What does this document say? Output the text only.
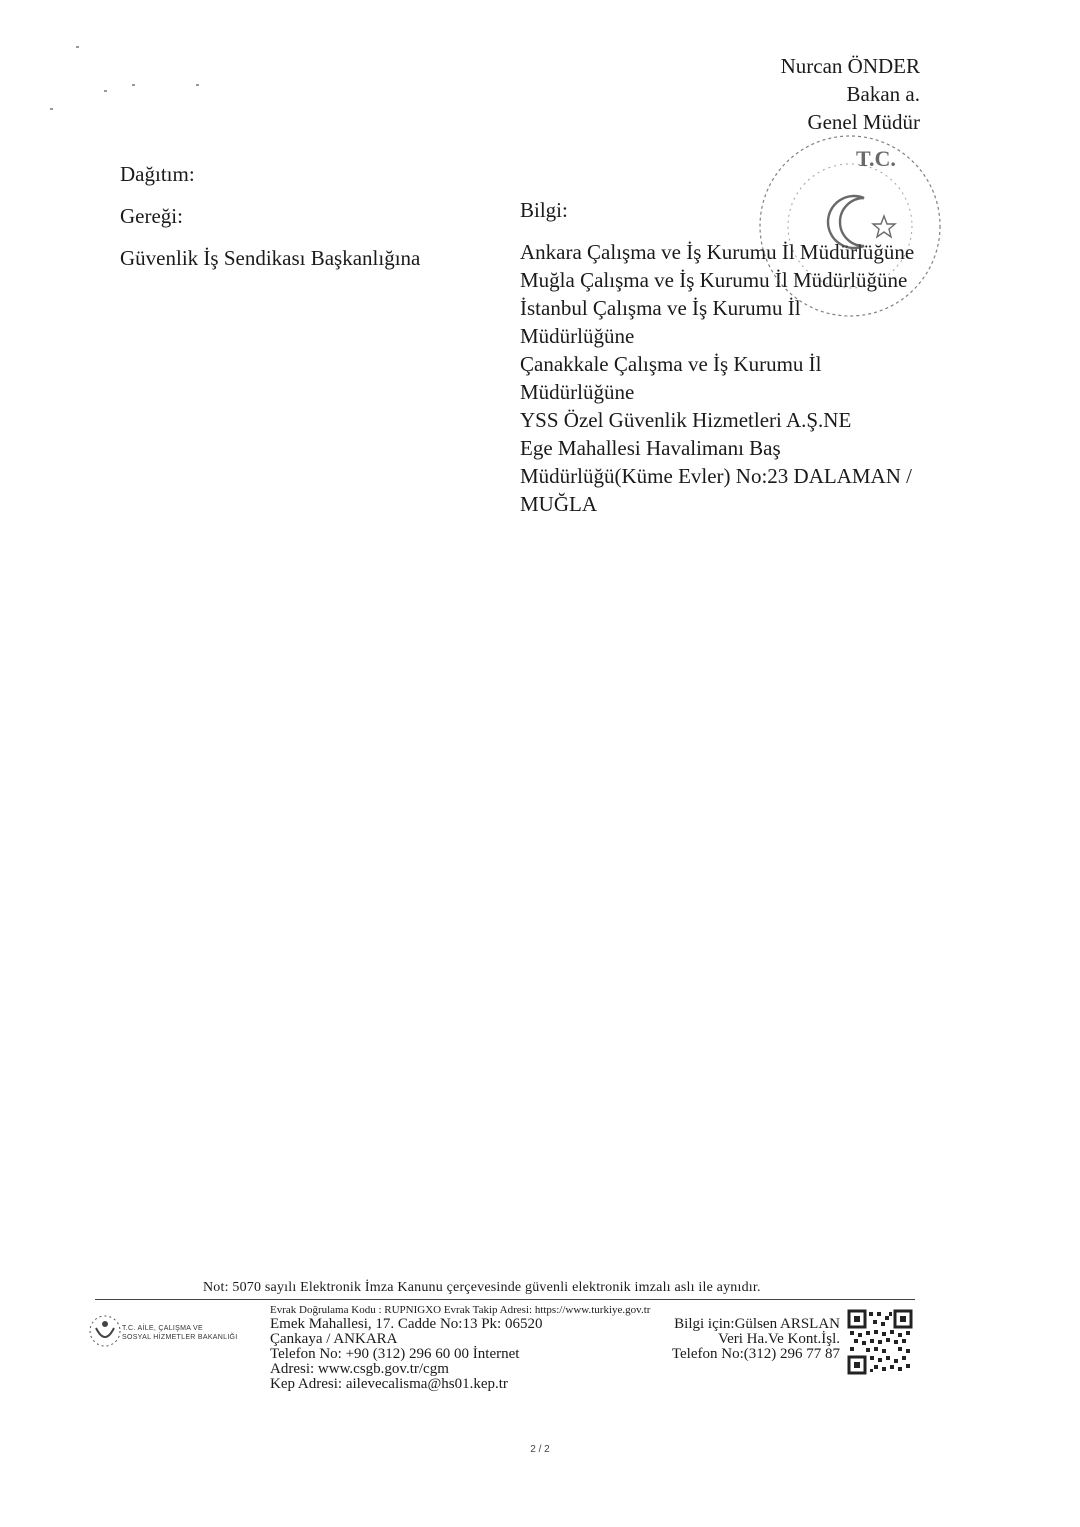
Nurcan ÖNDER
Bakan a.
Genel Müdür
Dağıtım:
Gereği:
Güvenlik İş Sendikası Başkanlığına
Bilgi:
Ankara Çalışma ve İş Kurumu İl Müdürlüğüne
Muğla Çalışma ve İş Kurumu İl Müdürlüğüne
İstanbul Çalışma ve İş Kurumu İl
Müdürlüğüne
Çanakkale Çalışma ve İş Kurumu İl
Müdürlüğüne
YSS Özel Güvenlik Hizmetleri A.Ş.NE
Ege Mahallesi Havalimanı Baş
Müdürlüğü(Küme Evler) No:23 DALAMAN /
MUĞLA
T.C.
Not: 5070 sayılı Elektronik İmza Kanunu çerçevesinde güvenli elektronik imzalı aslı ile aynıdır.
T.C. AİLE, ÇALIŞMA VE
SOSYAL HİZMETLER BAKANLIĞI
Evrak Doğrulama Kodu : RUPNIGXO Evrak Takip Adresi: https://www.turkiye.gov.tr
Emek Mahallesi, 17. Cadde No:13 Pk: 06520
Çankaya / ANKARA
Telefon No: +90 (312) 296 60 00 İnternet
Adresi: www.csgb.gov.tr/cgm
Kep Adresi: ailevecalisma@hs01.kep.tr
Bilgi için:Gülsen ARSLAN
Veri Ha.Ve Kont.İşl.
Telefon No:(312) 296 77 87
2 / 2
